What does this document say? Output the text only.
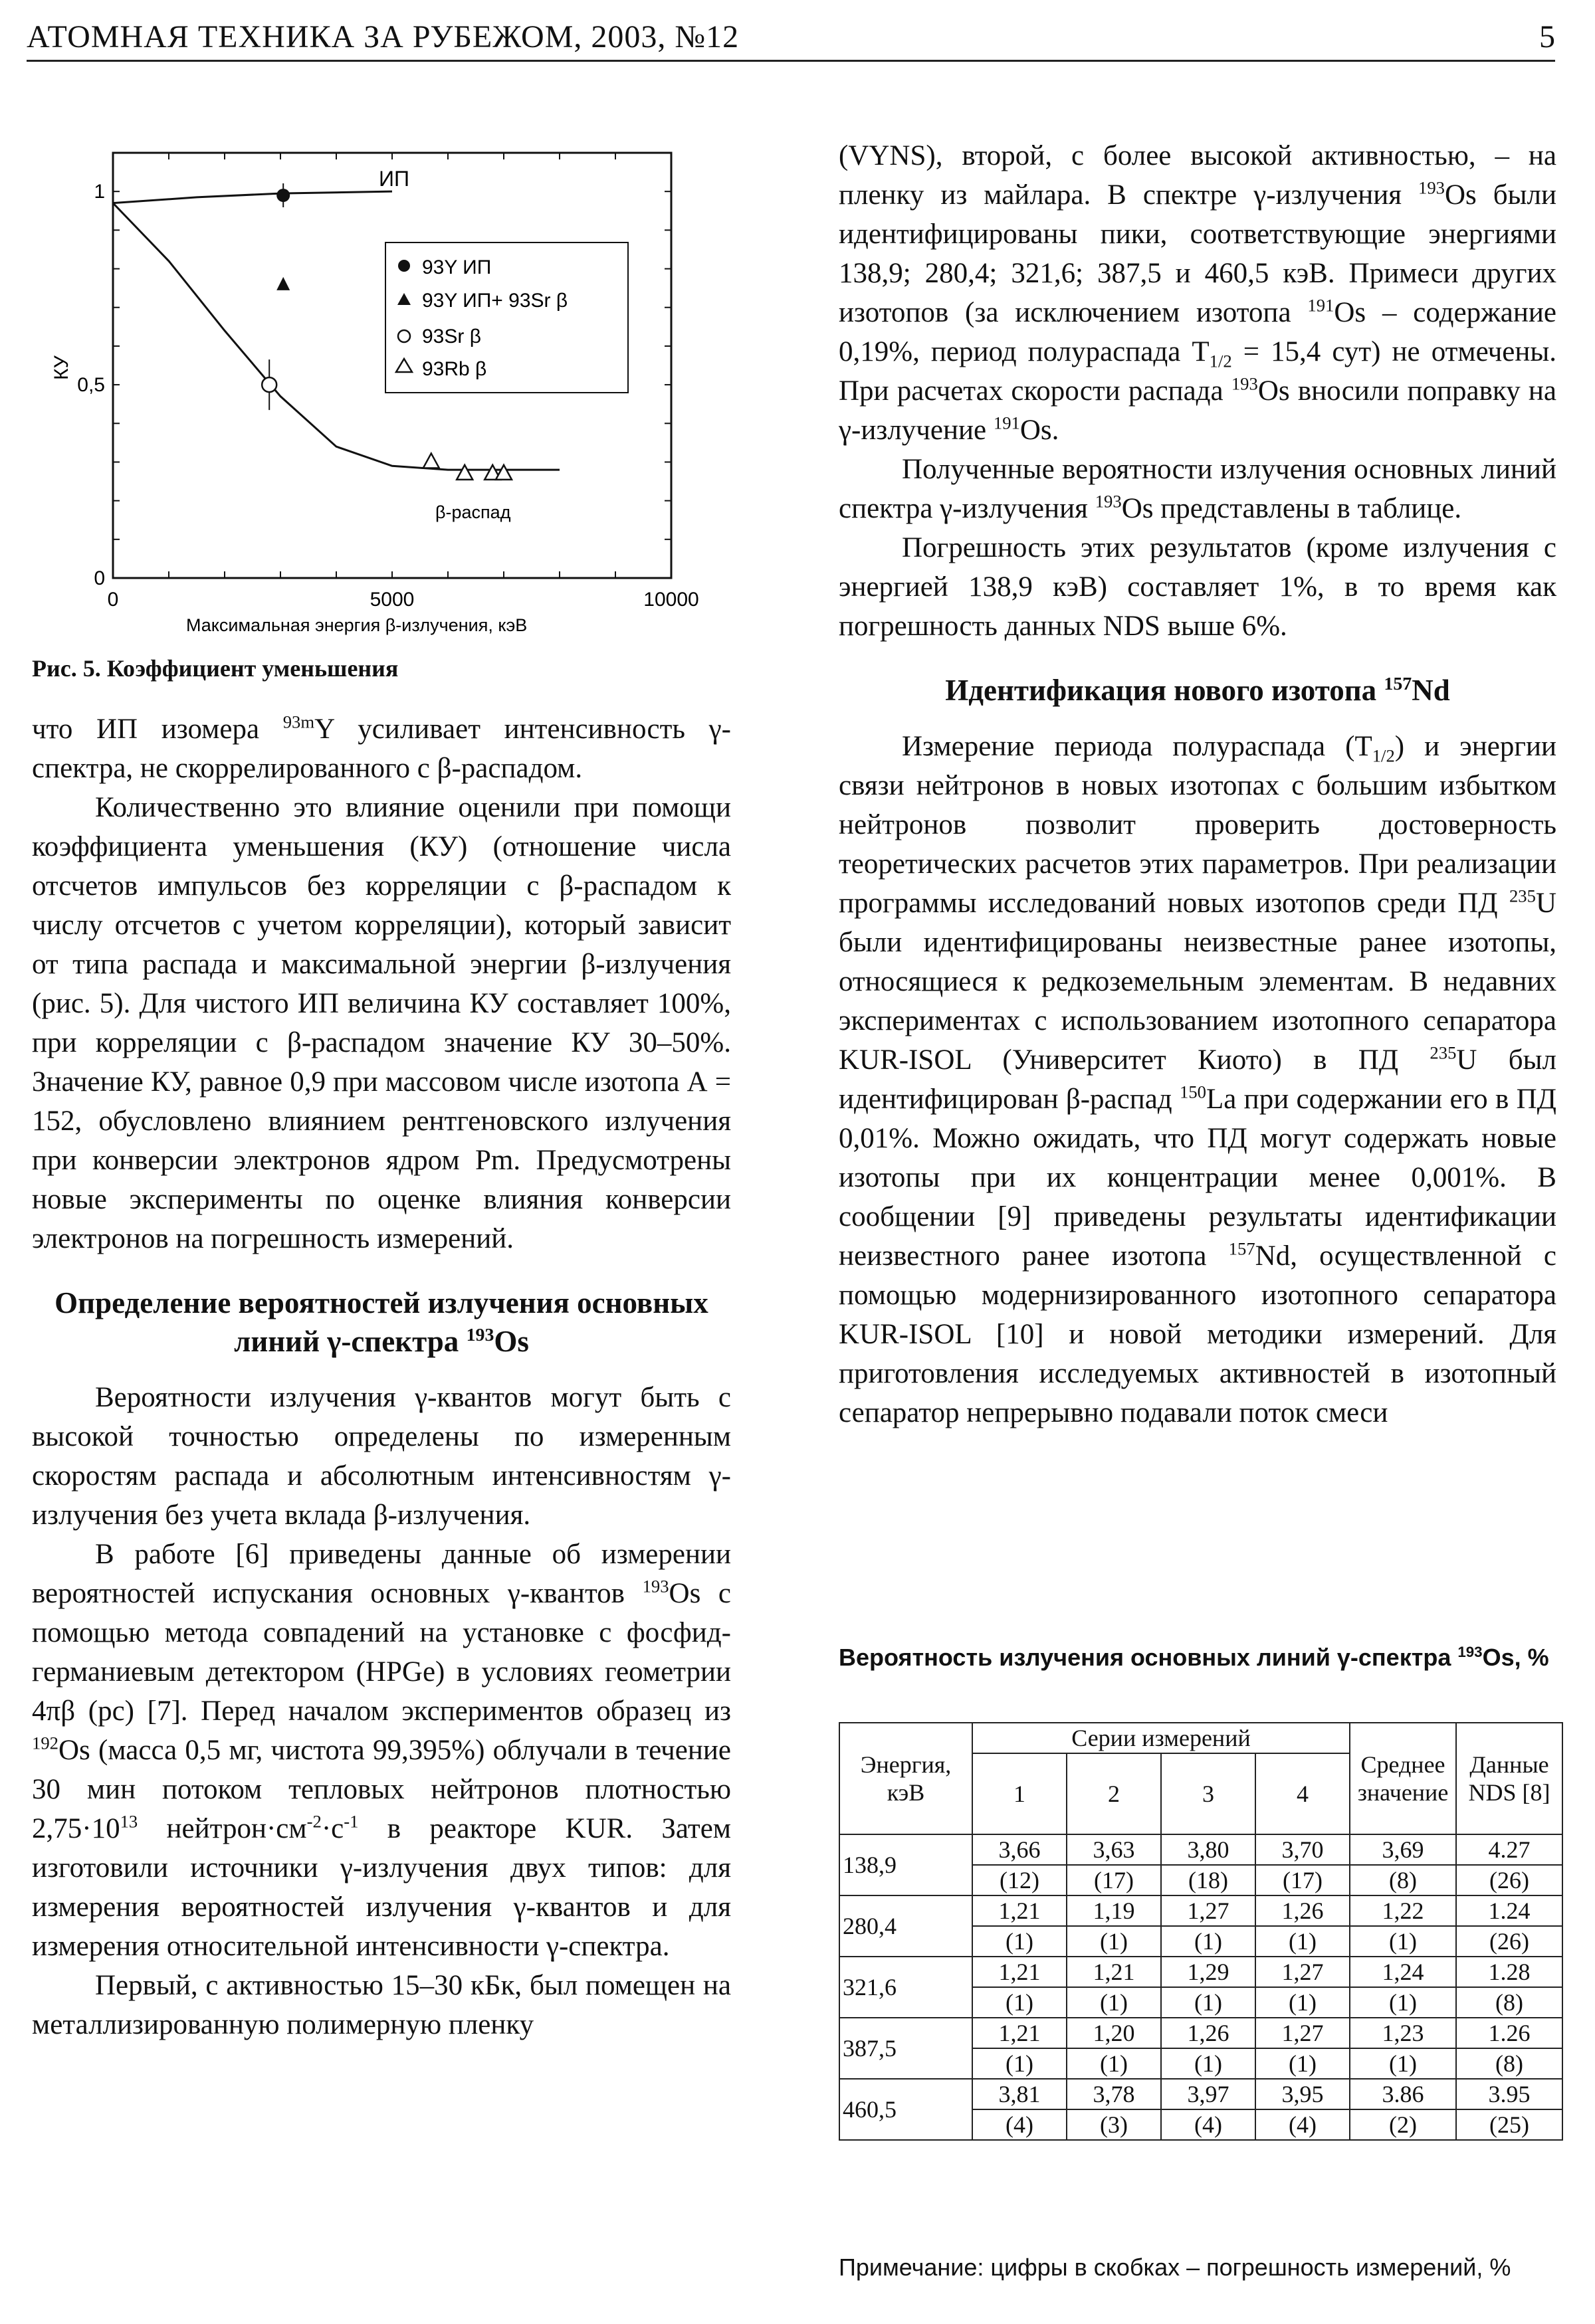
АТОМНАЯ ТЕХНИКА ЗА РУБЕЖОМ, 2003, №12	5
0	5000	10000
0
0,5
1
КУ
Максимальная энергия β-излучения, кэВ
ИП
β-распад
93Y ИП
93Y ИП+ 93Sr β
93Sr β
93Rb β
Рис. 5. Коэффициент уменьшения

что ИП изомера $^{93m}$Y усиливает интенсивность γ-спектра, не скоррелированного с β-распадом.

Количественно это влияние оценили при помощи коэффициента уменьшения (КУ) (отношение числа отсчетов импульсов без корреляции с β-распадом к числу отсчетов с учетом корреляции), который зависит от типа распада и максимальной энергии β-излучения (рис. 5). Для чистого ИП величина КУ составляет 100%, при корреляции с β-распадом значение КУ 30–50%. Значение КУ, равное 0,9 при массовом числе изотопа А = 152, обусловлено влиянием рентгеновского излучения при конверсии электронов ядром Pm. Предусмотрены новые эксперименты по оценке влияния конверсии электронов на погрешность измерений.

Определение вероятностей излучения основных линий γ-спектра $^{193}$Os

Вероятности излучения γ-квантов могут быть с высокой точностью определены по измеренным скоростям распада и абсолютным интенсивностям γ-излучения без учета вклада β-излучения.

В работе [6] приведены данные об измерении вероятностей испускания основных γ-квантов $^{193}$Os с помощью метода совпадений на установке с фосфид-германиевым детектором (HPGe) в условиях геометрии 4πβ (рс) [7]. Перед началом экспериментов образец из $^{192}$Os (масса 0,5 мг, чистота 99,395%) облучали в течение 30 мин потоком тепловых нейтронов плотностью $2,75\cdot 10^{13}$ $нейтрон\cdot см^{-2}\cdot с^{-1}$ в реакторе KUR. Затем изготовили источники γ-излучения двух типов: для измерения вероятностей излучения γ-квантов и для измерения относительной интенсивности γ-спектра.

Первый, с активностью 15–30 кБк, был помещен на металлизированную полимерную пленку

(VYNS), второй, с более высокой активностью, – на пленку из майлара. В спектре γ-излучения $^{193}$Os были идентифицированы пики, соответствующие энергиями 138,9; 280,4; 321,6; 387,5 и 460,5 кэВ. Примеси других изотопов (за исключением изотопа $^{191}$Os – содержание 0,19%, период полураспада $T_{1/2} = 15,4$ сут) не отмечены. При расчетах скорости распада $^{193}$Os вносили поправку на γ-излучение $^{191}$Os.

Полученные вероятности излучения основных линий спектра γ-излучения $^{193}$Os представлены в таблице.

Погрешность этих результатов (кроме излучения с энергией 138,9 кэВ) составляет 1%, в то время как погрешность данных NDS выше 6%.

Идентификация нового изотопа $^{157}$Nd

Измерение периода полураспада $(T_{1/2})$ и энергии связи нейтронов в новых изотопах с большим избытком нейтронов позволит проверить достоверность теоретических расчетов этих параметров. При реализации программы исследований новых изотопов среди ПД $^{235}$U были идентифицированы неизвестные ранее изотопы, относящиеся к редкоземельным элементам. В недавних экспериментах с использованием изотопного сепаратора KUR-ISOL (Университет Киото) в ПД $^{235}$U был идентифицирован β-распад $^{150}$La при содержании его в ПД 0,01%. Можно ожидать, что ПД могут содержать новые изотопы при их концентрации менее 0,001%. В сообщении [9] приведены результаты идентификации неизвестного ранее изотопа $^{157}$Nd, осуществленной с помощью модернизированного изотопного сепаратора KUR-ISOL [10] и новой методики измерений. Для приготовления исследуемых активностей в изотопный сепаратор непрерывно подавали поток смеси

Вероятность излучения основных линий γ-спектра $^{193}$Os, %
Энергия, кэВ	Серии измерений				Среднее значение	Данные NDS [8]
	1	2	3	4		
138,9	3,66	3,63	3,80	3,70	3,69	4.27
	(12)	(17)	(18)	(17)	(8)	(26)
280,4	1,21	1,19	1,27	1,26	1,22	1.24
	(1)	(1)	(1)	(1)	(1)	(26)
321,6	1,21	1,21	1,29	1,27	1,24	1.28
	(1)	(1)	(1)	(1)	(1)	(8)
387,5	1,21	1,20	1,26	1,27	1,23	1.26
	(1)	(1)	(1)	(1)	(1)	(8)
460,5	3,81	3,78	3,97	3,95	3.86	3.95
	(4)	(3)	(4)	(4)	(2)	(25)
Примечание: цифры в скобках – погрешность измерений, %
